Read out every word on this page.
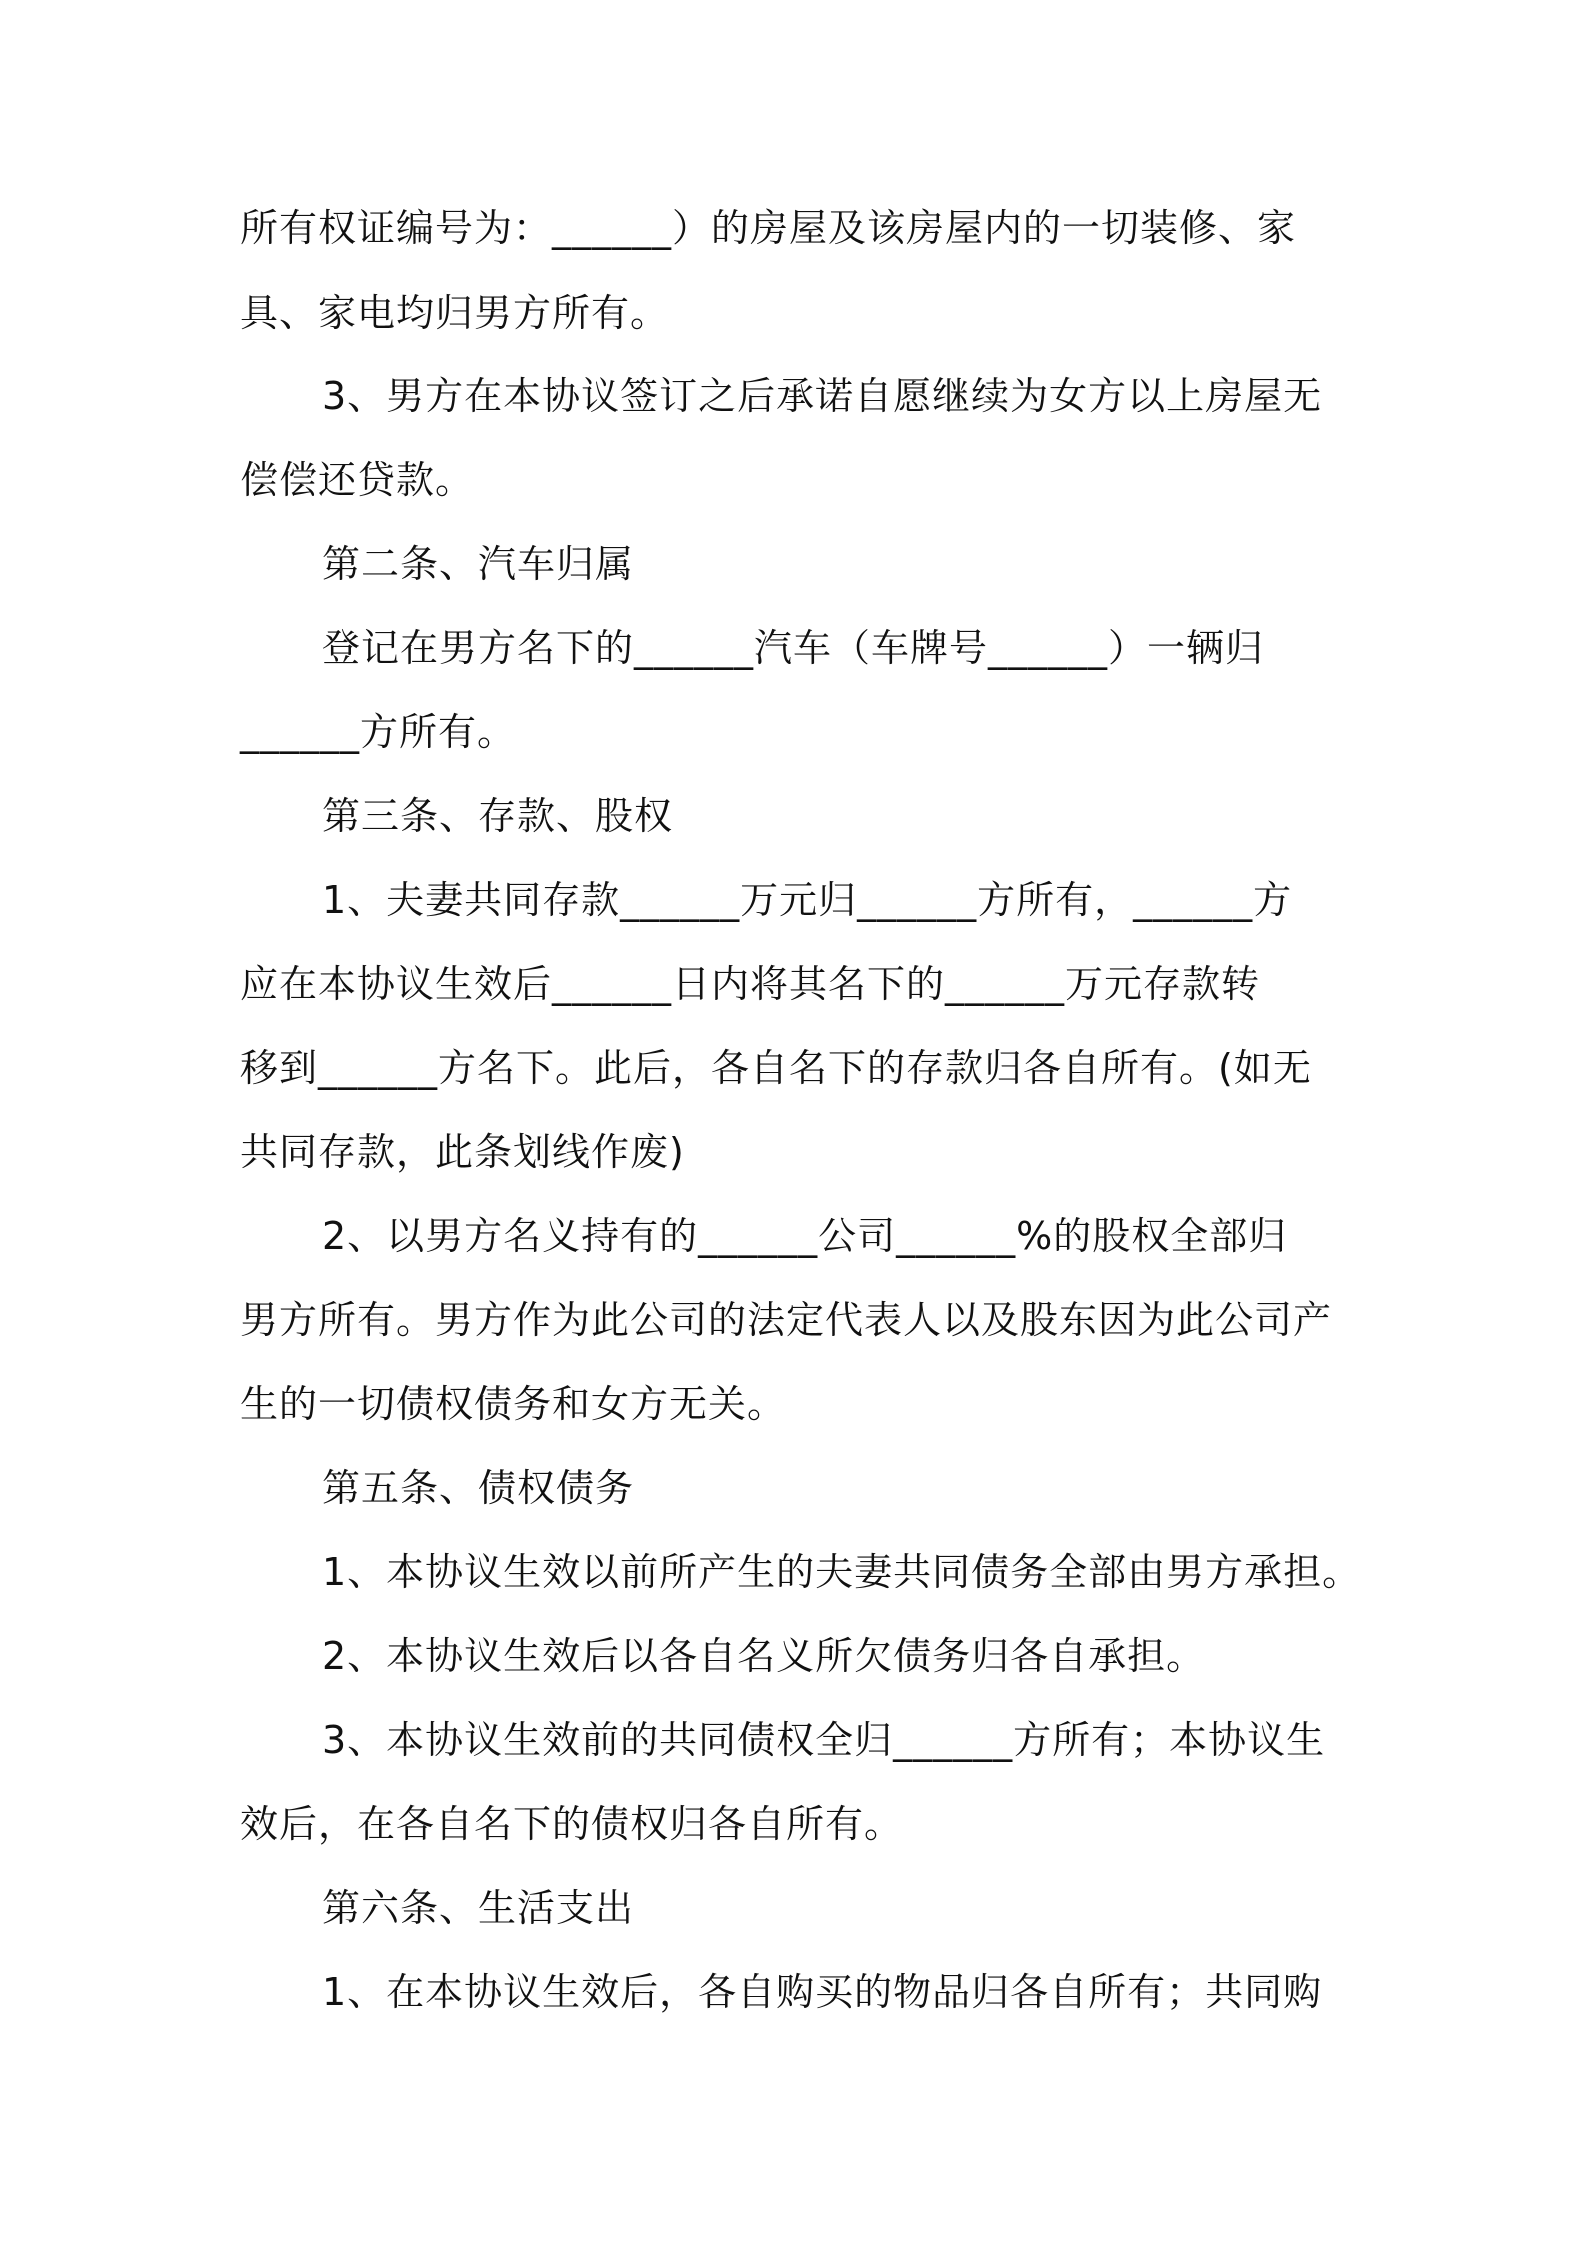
所有权证编号为：______）的房屋及该房屋内的一切装修、家
具、家电均归男方所有。
3、男方在本协议签订之后承诺自愿继续为女方以上房屋无
偿偿还贷款。
第二条、汽车归属
登记在男方名下的______汽车（车牌号______）一辆归
______方所有。
第三条、存款、股权
1、夫妻共同存款______万元归______方所有，______方
应在本协议生效后______日内将其名下的______万元存款转
移到______方名下。此后，各自名下的存款归各自所有。(如无
共同存款，此条划线作废)
2、以男方名义持有的______公司______%的股权全部归
男方所有。男方作为此公司的法定代表人以及股东因为此公司产
生的一切债权债务和女方无关。
第五条、债权债务
1、本协议生效以前所产生的夫妻共同债务全部由男方承担。
2、本协议生效后以各自名义所欠债务归各自承担。
3、本协议生效前的共同债权全归______方所有；本协议生
效后，在各自名下的债权归各自所有。
第六条、生活支出
1、在本协议生效后，各自购买的物品归各自所有；共同购
